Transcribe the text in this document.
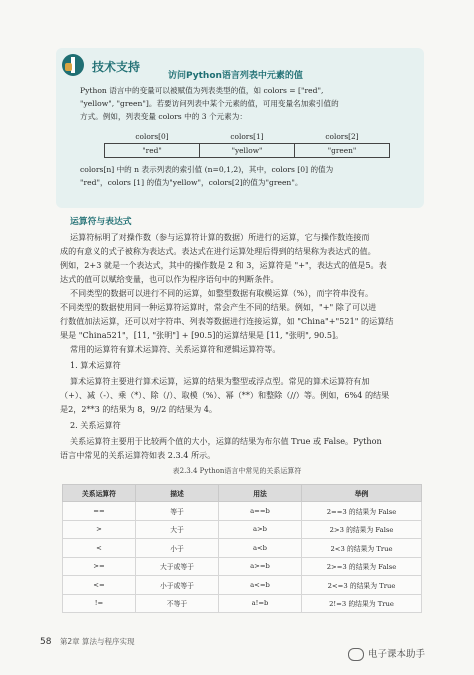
技术支持
访问Python语言列表中元素的值
Python 语言中的变量可以被赋值为列表类型的值，如 colors = ["red",
"yellow", "green"]。若要访问列表中某个元素的值，可用变量名加索引值的
方式。例如，列表变量 colors 中的 3 个元素为：
colors[0]	colors[1]	colors[2]
"red"	"yellow"	"green"
colors[n] 中的 n 表示列表的索引值 (n=0,1,2)，其中，colors [0] 的值为
"red"，colors [1] 的值为"yellow"，colors[2]的值为"green"。
运算符与表达式
运算符标明了对操作数（参与运算符计算的数据）所进行的运算，它与操作数连接而
成的有意义的式子被称为表达式。表达式在进行运算处理后得到的结果称为表达式的值。
例如，2+3 就是一个表达式，其中的操作数是 2 和 3，运算符是 "+"，表达式的值是5。表
达式的值可以赋给变量，也可以作为程序语句中的判断条件。
不同类型的数据可以进行不同的运算，如整型数据有取模运算（%），而字符串没有。
不同类型的数据使用同一种运算符运算时，常会产生不同的结果。例如，"+" 除了可以进
行数值加法运算，还可以对字符串、列表等数据进行连接运算，如 "China"+"521" 的运算结
果是 "China521"，[11, "张明"] + [90.5]的运算结果是 [11, "张明", 90.5]。
常用的运算符有算术运算符、关系运算符和逻辑运算符等。
1. 算术运算符
算术运算符主要进行算术运算，运算的结果为整型或浮点型。常见的算术运算符有加
（+）、减（-）、乘（*）、除（/）、取模（%）、幂（**）和整除（//）等。例如，6%4 的结果
是2，2**3 的结果为 8，9//2 的结果为 4。
2. 关系运算符
关系运算符主要用于比较两个值的大小，运算的结果为布尔值 True 或 False。Python
语言中常见的关系运算符如表 2.3.4 所示。
表2.3.4 Python语言中常见的关系运算符
关系运算符	描述	用法	举例
==	等于	a==b	2==3 的结果为 False
>	大于	a>b	2>3 的结果为 False
<	小于	a<b	2<3 的结果为 True
>=	大于或等于	a>=b	2>=3 的结果为 False
<=	小于或等于	a<=b	2<=3 的结果为 True
!=	不等于	a!=b	2!=3 的结果为 True
58 第2章 算法与程序实现
电子课本助手
